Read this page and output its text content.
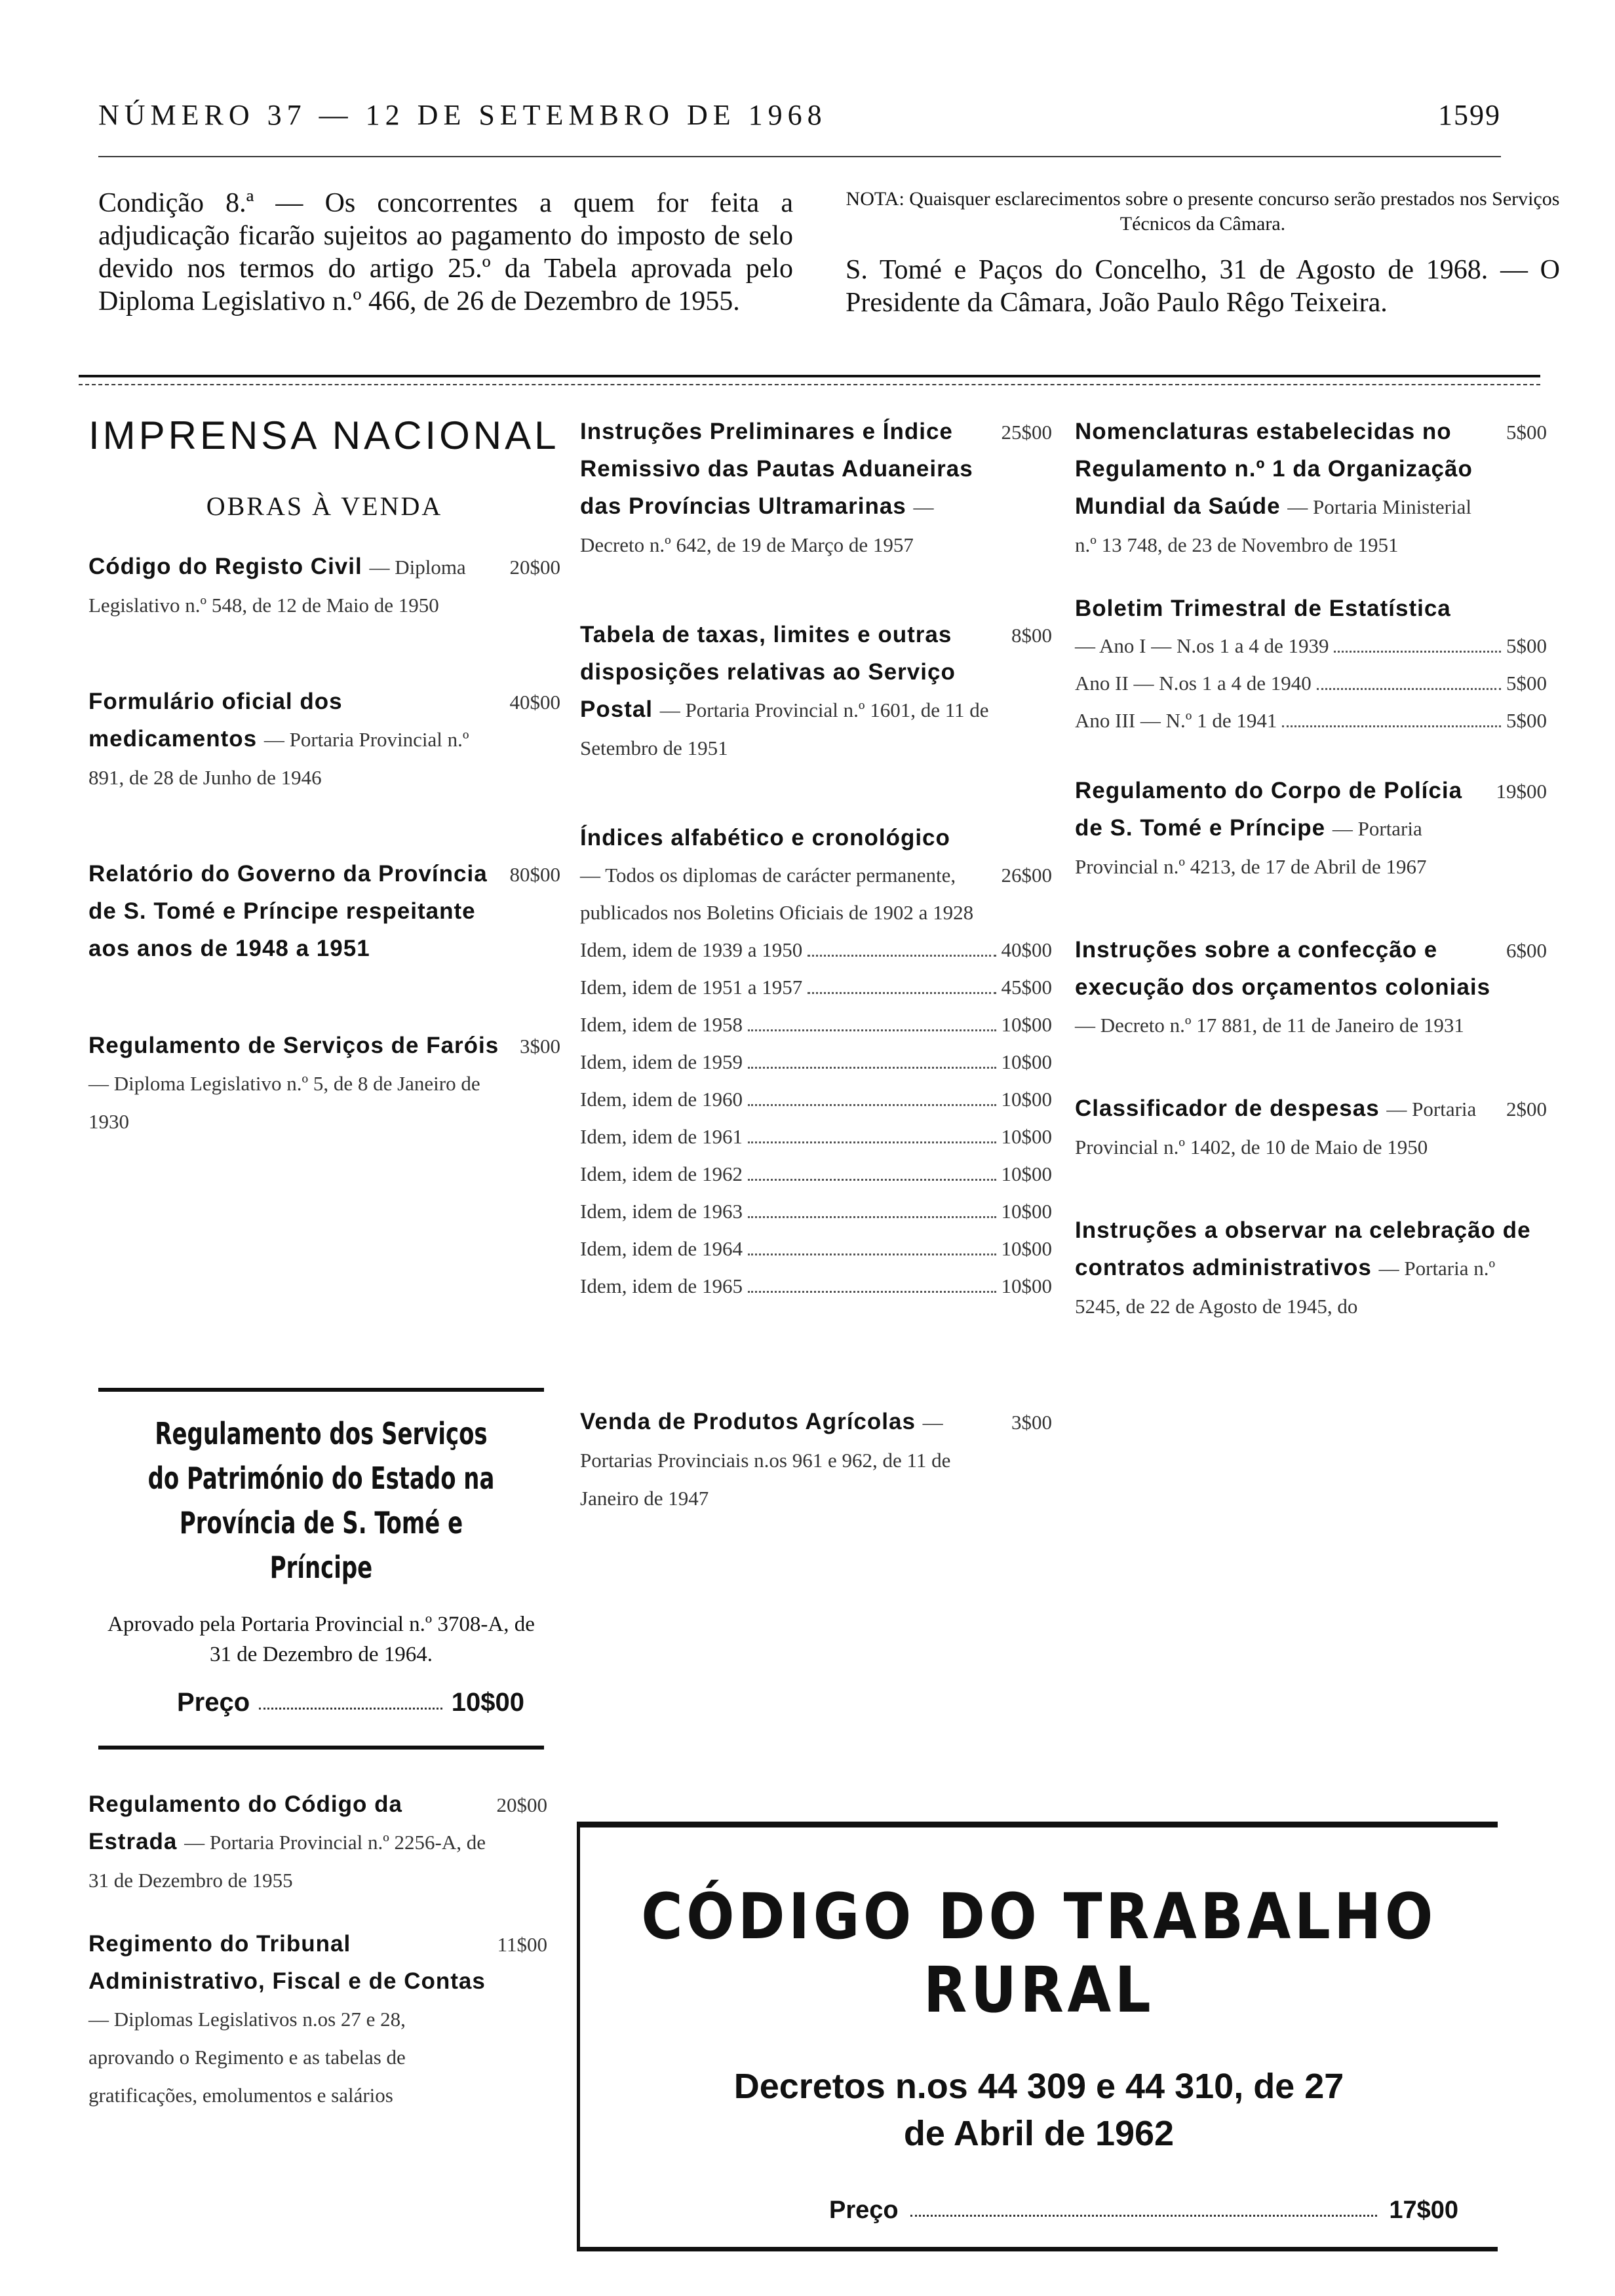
NÚMERO 37 — 12 DE SETEMBRO DE 1968	1599
Condição 8.ª — Os concorrentes a quem for feita a adjudicação ficarão sujeitos ao pagamento do imposto de selo devido nos termos do artigo 25.º da Tabela aprovada pelo Diploma Legislativo n.º 466, de 26 de Dezembro de 1955.
NOTA: Quaisquer esclarecimentos sobre o presente concurso serão prestados nos Serviços Técnicos da Câmara.
S. Tomé e Paços do Concelho, 31 de Agosto de 1968. — O Presidente da Câmara, João Paulo Rêgo Teixeira.
IMPRENSA NACIONAL
OBRAS À VENDA
Código do Registo Civil — Diploma Legislativo n.º 548, de 12 de Maio de 1950
20$00
Formulário oficial dos medicamentos — Portaria Provincial n.º 891, de 28 de Junho de 1946
40$00
Relatório do Governo da Província de S. Tomé e Príncipe respeitante aos anos de 1948 a 1951
80$00
Regulamento de Serviços de Faróis — Diploma Legislativo n.º 5, de 8 de Janeiro de 1930
3$00
Regulamento dos Serviços do Património do Estado na Província de S. Tomé e Príncipe
Aprovado pela Portaria Provincial n.º 3708-A, de 31 de Dezembro de 1964.
Preço	10$00
Regulamento do Código da Estrada — Portaria Provincial n.º 2256-A, de 31 de Dezembro de 1955
20$00
Regimento do Tribunal Administrativo, Fiscal e de Contas — Diplomas Legislativos n.os 27 e 28, aprovando o Regimento e as tabelas de gratificações, emolumentos e salários
11$00
Instruções Preliminares e Índice Remissivo das Pautas Aduaneiras das Províncias Ultramarinas — Decreto n.º 642, de 19 de Março de 1957
25$00
Tabela de taxas, limites e outras disposições relativas ao Serviço Postal — Portaria Provincial n.º 1601, de 11 de Setembro de 1951
8$00
Índices alfabético e cronológico
— Todos os diplomas de carácter permanente, publicados nos Boletins Oficiais de 1902 a 1928
26$00
Idem, idem de 1939 a 1950	40$00
Idem, idem de 1951 a 1957	45$00
Idem, idem de 1958	10$00
Idem, idem de 1959	10$00
Idem, idem de 1960	10$00
Idem, idem de 1961	10$00
Idem, idem de 1962	10$00
Idem, idem de 1963	10$00
Idem, idem de 1964	10$00
Idem, idem de 1965	10$00
Venda de Produtos Agrícolas — Portarias Provinciais n.os 961 e 962, de 11 de Janeiro de 1947
3$00
Nomenclaturas estabelecidas no Regulamento n.º 1 da Organização Mundial da Saúde — Portaria Ministerial n.º 13 748, de 23 de Novembro de 1951
5$00
Boletim Trimestral de Estatística
— Ano I — N.os 1 a 4 de 1939	5$00
Ano II — N.os 1 a 4 de 1940	5$00
Ano III — N.º 1 de 1941	5$00
Regulamento do Corpo de Polícia de S. Tomé e Príncipe — Portaria Provincial n.º 4213, de 17 de Abril de 1967
19$00
Instruções sobre a confecção e execução dos orçamentos coloniais — Decreto n.º 17 881, de 11 de Janeiro de 1931
6$00
Classificador de despesas — Portaria Provincial n.º 1402, de 10 de Maio de 1950
2$00
Instruções a observar na celebração de contratos administrativos — Portaria n.º 5245, de 22 de Agosto de 1945, do
CÓDIGO DO TRABALHO RURAL
Decretos n.os 44 309 e 44 310, de 27
de Abril de 1962
Preço	17$00
